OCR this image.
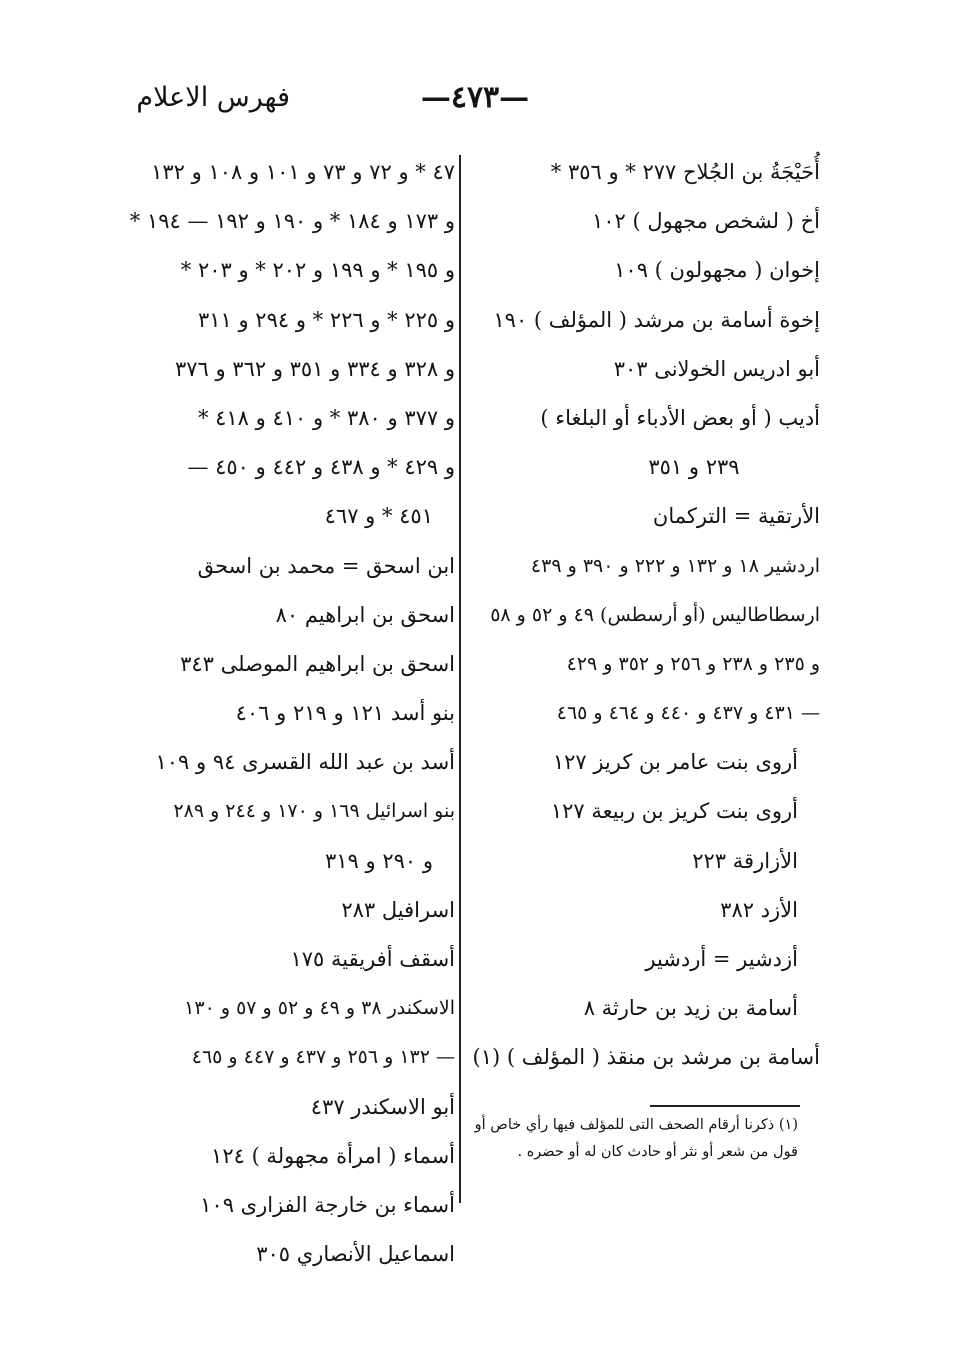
فهرس الاعلام	—٤٧٣—
أُحَيْجَةُ بن الجُلاح ٢٧٧ * و ٣٥٦ *
أخ ( لشخص مجهول ) ١٠٢
إخوان ( مجهولون ) ١٠٩
إخوة أسامة بن مرشد ( المؤلف ) ١٩٠
أبو ادريس الخولانى ٣٠٣
أديب ( أو بعض الأدباء أو البلغاء )
٢٣٩ و ٣٥١
الأرتقية = التركمان
اردشير ١٨ و ١٣٢ و ٢٢٢ و ٣٩٠ و ٤٣٩
ارسطاطاليس (أو أرسطس) ٤٩ و ٥٢ و ٥٨
و ٢٣٥ و ٢٣٨ و ٢٥٦ و ٣٥٢ و ٤٢٩
— ٤٣١ و ٤٣٧ و ٤٤٠ و ٤٦٤ و ٤٦٥
أروى بنت عامر بن كريز ١٢٧
أروى بنت كريز بن ربيعة ١٢٧
الأزارقة ٢٢٣
الأزد ٣٨٢
أزدشير = أردشير
أسامة بن زيد بن حارثة ٨
أسامة بن مرشد بن منقذ ( المؤلف ) (١)
٤٧ * و ٧٢ و ٧٣ و ١٠١ و ١٠٨ و ١٣٢
و ١٧٣ و ١٨٤ * و ١٩٠ و ١٩٢ — ١٩٤ *
و ١٩٥ * و ١٩٩ و ٢٠٢ * و ٢٠٣ *
و ٢٢٥ * و ٢٢٦ * و ٢٩٤ و ٣١١
و ٣٢٨ و ٣٣٤ و ٣٥١ و ٣٦٢ و ٣٧٦
و ٣٧٧ و ٣٨٠ * و ٤١٠ و ٤١٨ *
و ٤٢٩ * و ٤٣٨ و ٤٤٢ و ٤٥٠ —
٤٥١ * و ٤٦٧
ابن اسحق = محمد بن اسحق
اسحق بن ابراهيم ٨٠
اسحق بن ابراهيم الموصلى ٣٤٣
بنو أسد ١٢١ و ٢١٩ و ٤٠٦
أسد بن عبد الله القسرى ٩٤ و ١٠٩
بنو اسرائيل ١٦٩ و ١٧٠ و ٢٤٤ و ٢٨٩
و ٢٩٠ و ٣١٩
اسرافيل ٢٨٣
أسقف أفريقية ١٧٥
الاسكندر ٣٨ و ٤٩ و ٥٢ و ٥٧ و ١٣٠
— ١٣٢ و ٢٥٦ و ٤٣٧ و ٤٤٧ و ٤٦٥
أبو الاسكندر ٤٣٧
أسماء ( امرأة مجهولة ) ١٢٤
أسماء بن خارجة الفزارى ١٠٩
اسماعيل الأنصاري ٣٠٥
(١) ذكرنا أرقام الصحف التى للمؤلف فيها رأي خاص أو قول من شعر أو نثر أو حادث كان له أو حضره .
